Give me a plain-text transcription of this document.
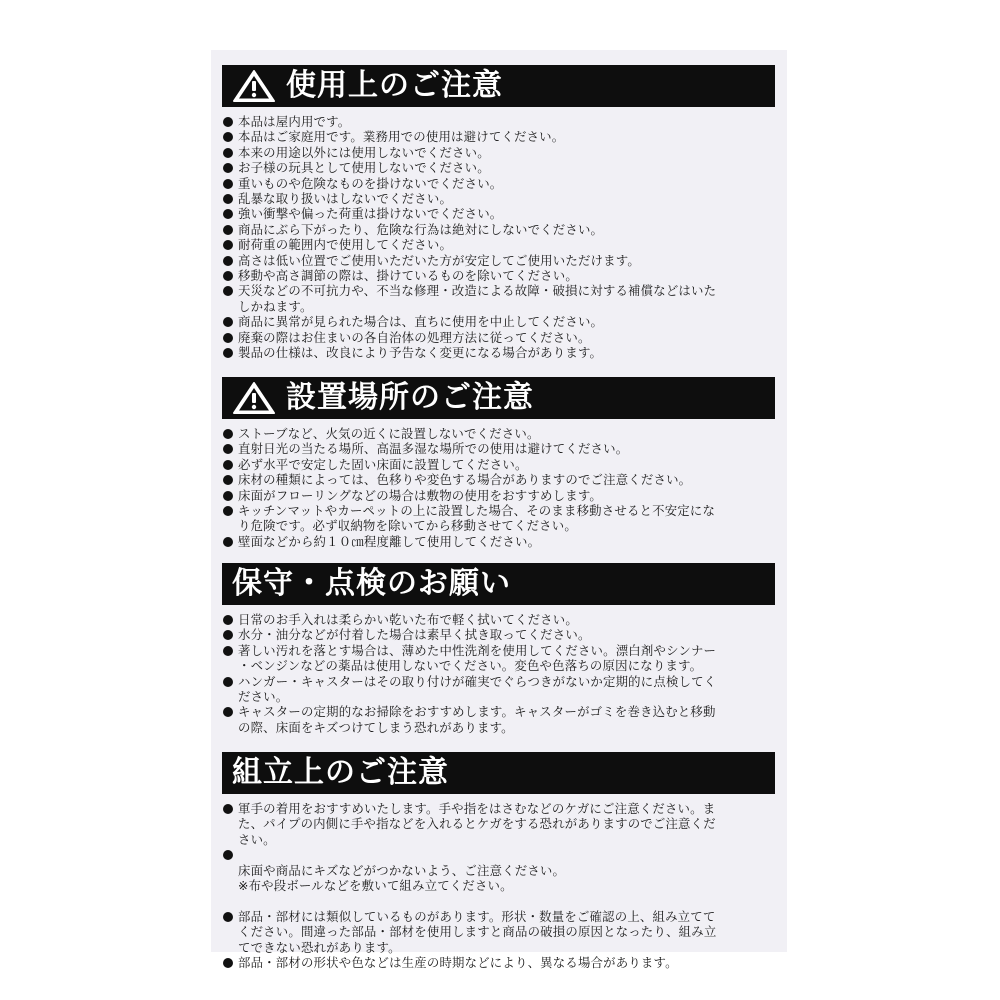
使用上のご注意
本品は屋内用です。
本品はご家庭用です。業務用での使用は避けてください。
本来の用途以外には使用しないでください。
お子様の玩具として使用しないでください。
重いものや危険なものを掛けないでください。
乱暴な取り扱いはしないでください。
強い衝撃や偏った荷重は掛けないでください。
商品にぶら下がったり、危険な行為は絶対にしないでください。
耐荷重の範囲内で使用してください。
高さは低い位置でご使用いただいた方が安定してご使用いただけます。
移動や高さ調節の際は、掛けているものを除いてください。
天災などの不可抗力や、不当な修理・改造による故障・破損に対する補償などはいた
しかねます。
商品に異常が見られた場合は、直ちに使用を中止してください。
廃棄の際はお住まいの各自治体の処理方法に従ってください。
製品の仕様は、改良により予告なく変更になる場合があります。
設置場所のご注意
ストーブなど、火気の近くに設置しないでください。
直射日光の当たる場所、高温多湿な場所での使用は避けてください。
必ず水平で安定した固い床面に設置してください。
床材の種類によっては、色移りや変色する場合がありますのでご注意ください。
床面がフローリングなどの場合は敷物の使用をおすすめします。
キッチンマットやカーペットの上に設置した場合、そのまま移動させると不安定にな
り危険です。必ず収納物を除いてから移動させてください。
壁面などから約１０㎝程度離して使用してください。
保守・点検のお願い
日常のお手入れは柔らかい乾いた布で軽く拭いてください。
水分・油分などが付着した場合は素早く拭き取ってください。
著しい汚れを落とす場合は、薄めた中性洗剤を使用してください。漂白剤やシンナー
・ベンジンなどの薬品は使用しないでください。変色や色落ちの原因になります。
ハンガー・キャスターはその取り付けが確実でぐらつきがないか定期的に点検してく
ださい。
キャスターの定期的なお掃除をおすすめします。キャスターがゴミを巻き込むと移動
の際、床面をキズつけてしまう恐れがあります。
組立上のご注意
軍手の着用をおすすめいたします。手や指をはさむなどのケガにご注意ください。ま
た、パイプの内側に手や指などを入れるとケガをする恐れがありますのでご注意くだ
さい。

床面や商品にキズなどがつかないよう、ご注意ください。

※布や段ボールなどを敷いて組み立てください。

部品・部材には類似しているものがあります。形状・数量をご確認の上、組み立てて
ください。間違った部品・部材を使用しますと商品の破損の原因となったり、組み立
てできない恐れがあります。
部品・部材の形状や色などは生産の時期などにより、異なる場合があります。
